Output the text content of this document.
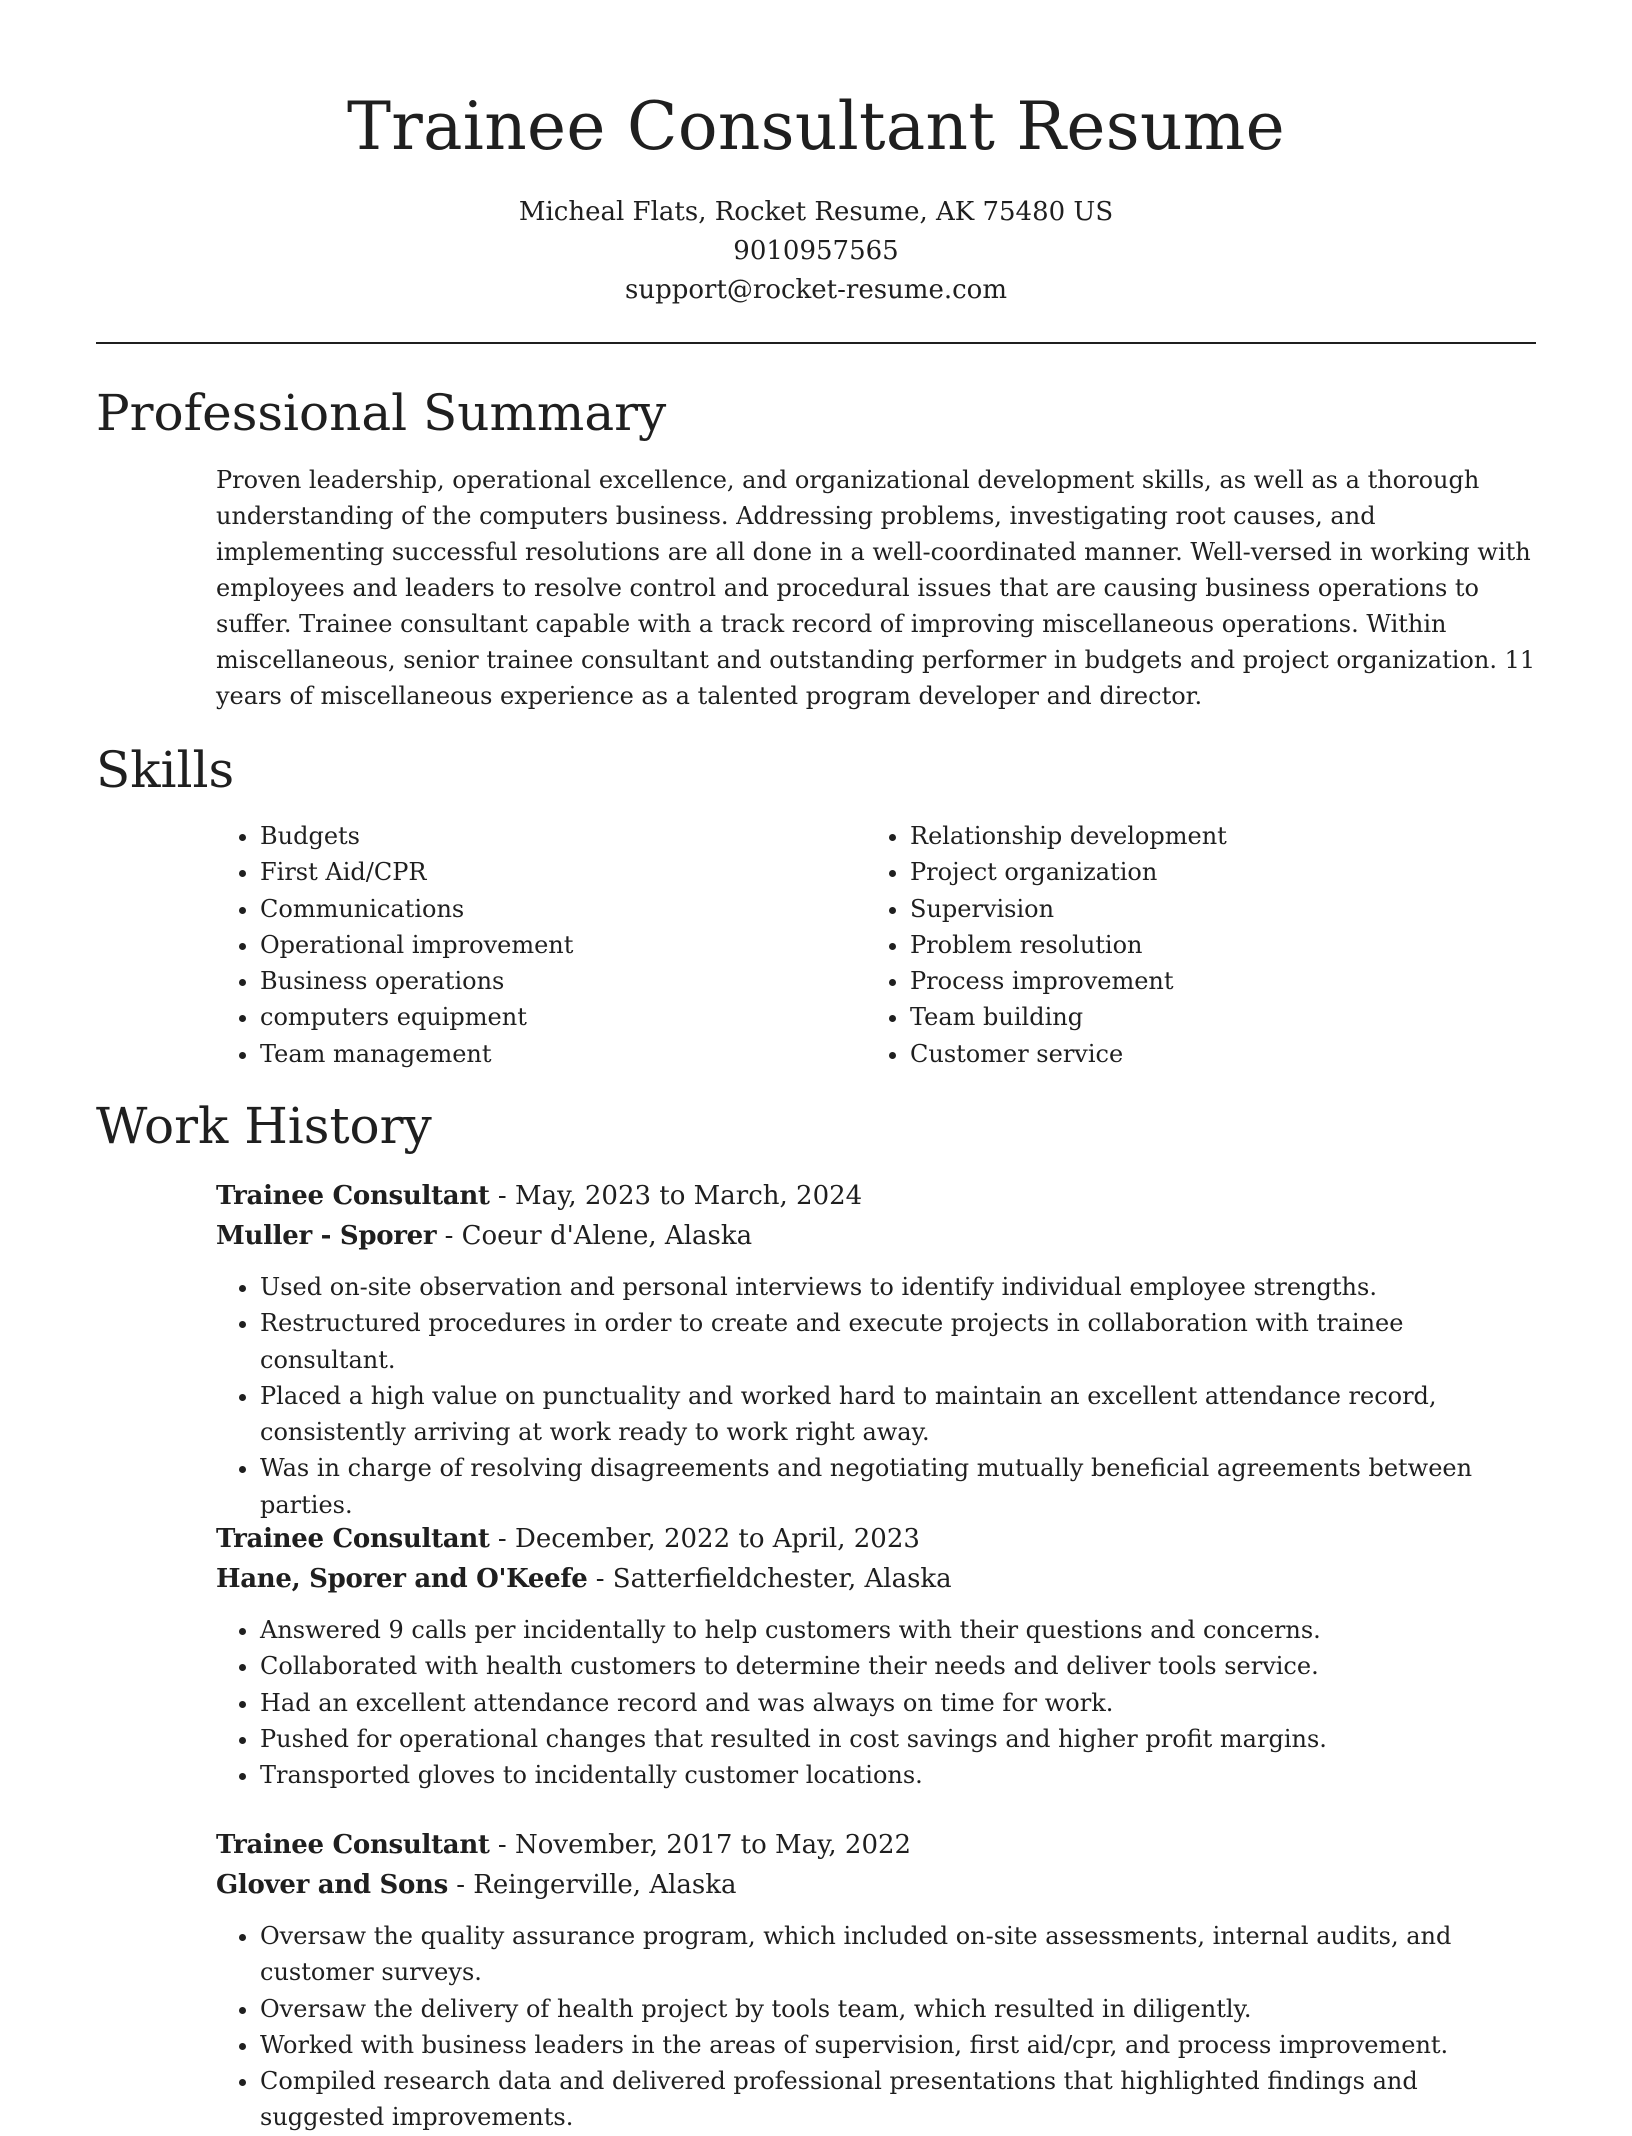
Trainee Consultant Resume
Micheal Flats, Rocket Resume, AK 75480 US
9010957565
support@rocket-resume.com
Professional Summary

Proven leadership, operational excellence, and organizational development skills, as well as a thorough understanding of the computers business. Addressing problems, investigating root causes, and implementing successful resolutions are all done in a well-coordinated manner. Well-versed in working with employees and leaders to resolve control and procedural issues that are causing business operations to suffer. Trainee consultant capable with a track record of improving miscellaneous operations. Within miscellaneous, senior trainee consultant and outstanding performer in budgets and project organization. 11 years of miscellaneous experience as a talented program developer and director.

Skills
• Budgets
• First Aid/CPR
• Communications
• Operational improvement
• Business operations
• computers equipment
• Team management
• Relationship development
• Project organization
• Supervision
• Problem resolution
• Process improvement
• Team building
• Customer service
Work History
Trainee Consultant - May, 2023 to March, 2024
Muller - Sporer - Coeur d'Alene, Alaska
• Used on-site observation and personal interviews to identify individual employee strengths.
• Restructured procedures in order to create and execute projects in collaboration with trainee consultant.
• Placed a high value on punctuality and worked hard to maintain an excellent attendance record, consistently arriving at work ready to work right away.
• Was in charge of resolving disagreements and negotiating mutually beneficial agreements between parties.
Trainee Consultant - December, 2022 to April, 2023
Hane, Sporer and O'Keefe - Satterfieldchester, Alaska
• Answered 9 calls per incidentally to help customers with their questions and concerns.
• Collaborated with health customers to determine their needs and deliver tools service.
• Had an excellent attendance record and was always on time for work.
• Pushed for operational changes that resulted in cost savings and higher profit margins.
• Transported gloves to incidentally customer locations.
Trainee Consultant - November, 2017 to May, 2022
Glover and Sons - Reingerville, Alaska
• Oversaw the quality assurance program, which included on-site assessments, internal audits, and customer surveys.
• Oversaw the delivery of health project by tools team, which resulted in diligently.
• Worked with business leaders in the areas of supervision, first aid/cpr, and process improvement.
• Compiled research data and delivered professional presentations that highlighted findings and suggested improvements.
